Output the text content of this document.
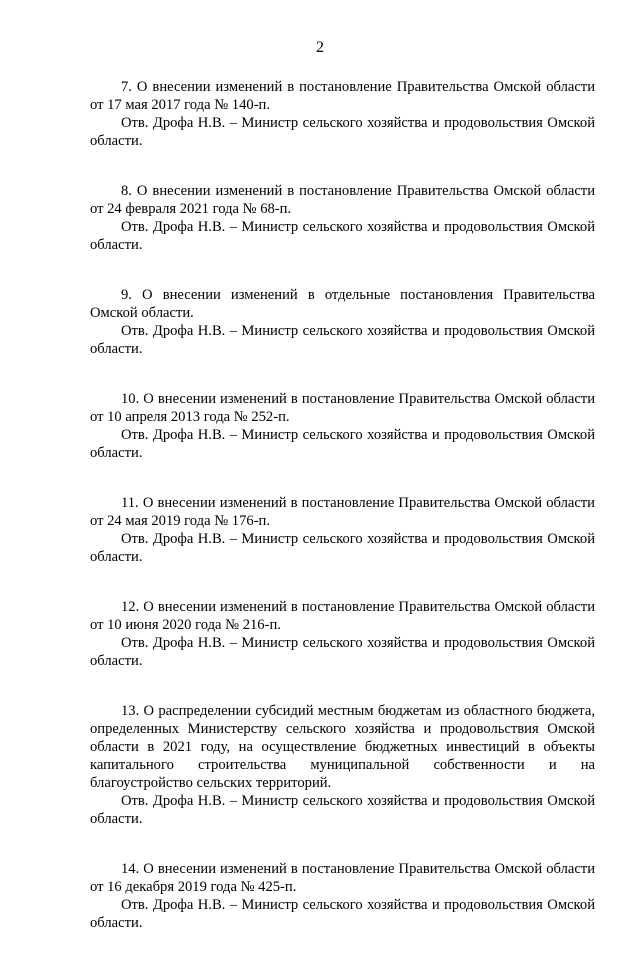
2

7. О внесении изменений в постановление Правительства Омской области от 17 мая 2017 года № 140-п.

Отв. Дрофа Н.В. – Министр сельского хозяйства и продовольствия Омской области.

8. О внесении изменений в постановление Правительства Омской области от 24 февраля 2021 года № 68-п.

Отв. Дрофа Н.В. – Министр сельского хозяйства и продовольствия Омской области.

9. О внесении изменений в отдельные постановления Правительства Омской области.

Отв. Дрофа Н.В. – Министр сельского хозяйства и продовольствия Омской области.

10. О внесении изменений в постановление Правительства Омской области от 10 апреля 2013 года № 252-п.

Отв. Дрофа Н.В. – Министр сельского хозяйства и продовольствия Омской области.

11. О внесении изменений в постановление Правительства Омской области от 24 мая 2019 года № 176-п.

Отв. Дрофа Н.В. – Министр сельского хозяйства и продовольствия Омской области.

12. О внесении изменений в постановление Правительства Омской области от 10 июня 2020 года № 216-п.

Отв. Дрофа Н.В. – Министр сельского хозяйства и продовольствия Омской области.

13. О распределении субсидий местным бюджетам из областного бюджета, определенных Министерству сельского хозяйства и продовольствия Омской области в 2021 году, на осуществление бюджетных инвестиций в объекты капитального строительства муниципальной собственности и на благоустройство сельских территорий.

Отв. Дрофа Н.В. – Министр сельского хозяйства и продовольствия Омской области.

14. О внесении изменений в постановление Правительства Омской области от 16 декабря 2019 года № 425-п.

Отв. Дрофа Н.В. – Министр сельского хозяйства и продовольствия Омской области.
